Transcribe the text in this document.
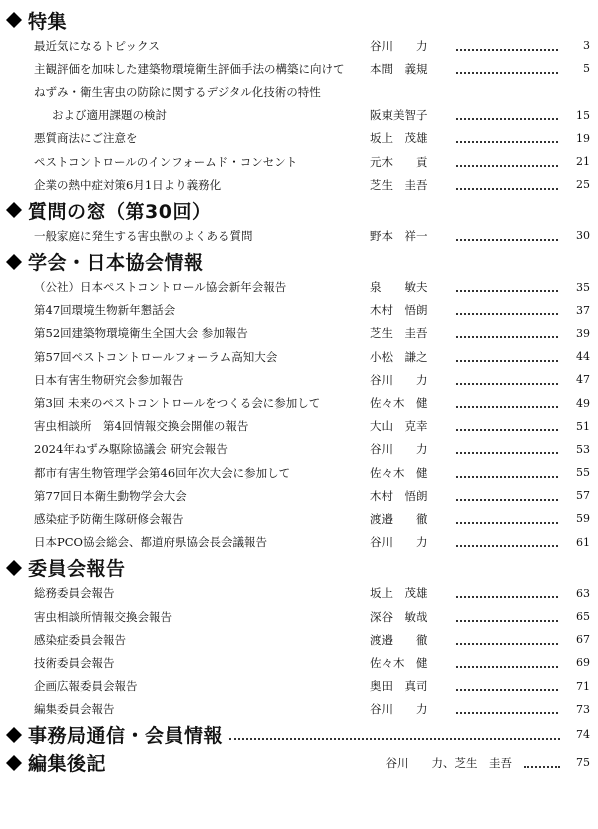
特集
最近気になるトピックス	谷川　　力	3
主観評価を加味した建築物環境衛生評価手法の構築に向けて	本間　義規	5
ねずみ・衛生害虫の防除に関するデジタル化技術の特性
および適用課題の検討	阪東美智子	15
悪質商法にご注意を	坂上　茂雄	19
ペストコントロールのインフォームド・コンセント	元木　　貢	21
企業の熱中症対策6月1日より義務化	芝生　圭吾	25
質問の窓（第30回）
一般家庭に発生する害虫獣のよくある質問	野本　祥一	30
学会・日本協会情報
（公社）日本ペストコントロール協会新年会報告	泉　　敏夫	35
第47回環境生物新年懇話会	木村　悟朗	37
第52回建築物環境衛生全国大会 参加報告	芝生　圭吾	39
第57回ペストコントロールフォーラム高知大会	小松　謙之	44
日本有害生物研究会参加報告	谷川　　力	47
第3回 未来のペストコントロールをつくる会に参加して	佐々木　健	49
害虫相談所　第4回情報交換会開催の報告	大山　克幸	51
2024年ねずみ駆除協議会 研究会報告	谷川　　力	53
都市有害生物管理学会第46回年次大会に参加して	佐々木　健	55
第77回日本衛生動物学会大会	木村　悟朗	57
感染症予防衛生隊研修会報告	渡邉　　徹	59
日本PCO協会総会、都道府県協会長会議報告	谷川　　力	61
委員会報告
総務委員会報告	坂上　茂雄	63
害虫相談所情報交換会報告	深谷　敏哉	65
感染症委員会報告	渡邉　　徹	67
技術委員会報告	佐々木　健	69
企画広報委員会報告	奥田　真司	71
編集委員会報告	谷川　　力	73
事務局通信・会員情報	74
編集後記	谷川　　力、芝生　圭吾	75
